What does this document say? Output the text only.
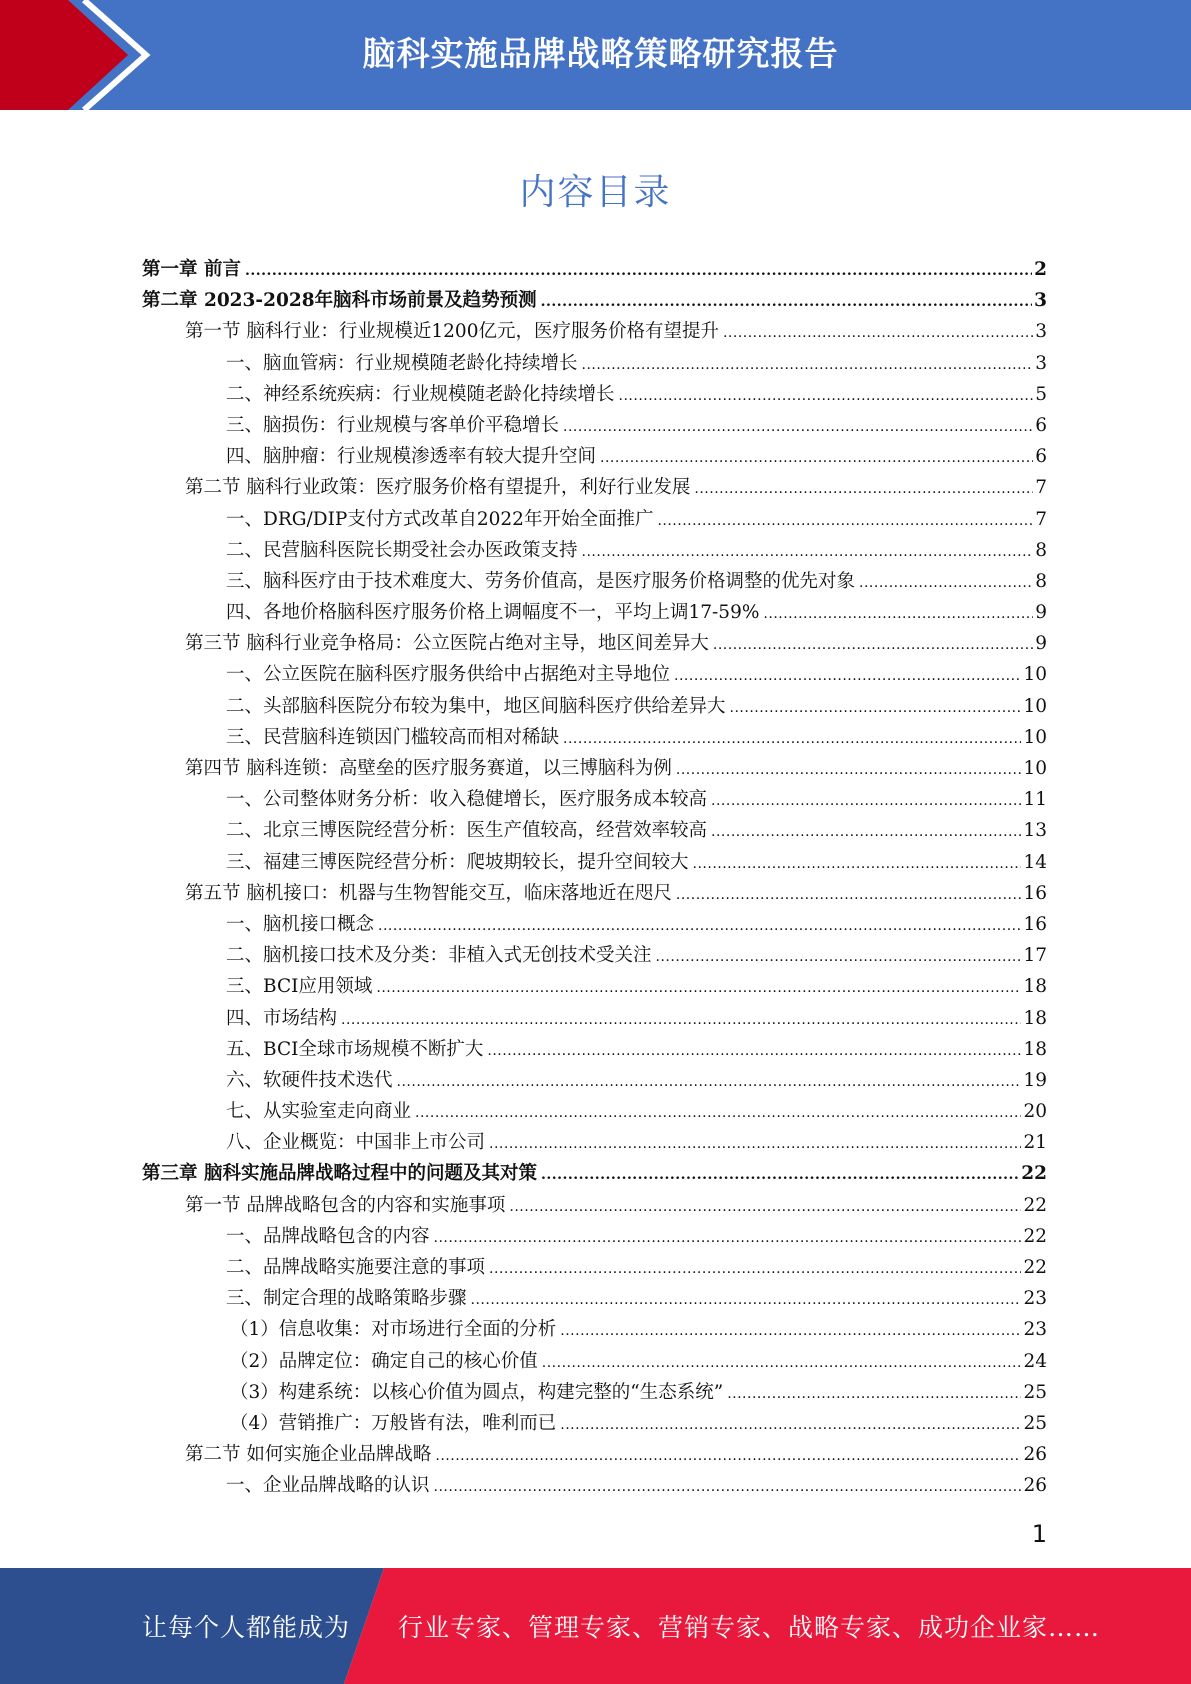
脑科实施品牌战略策略研究报告
内容目录
第一章 前言 .....	2
第二章 2023-2028年脑科市场前景及趋势预测 .....	3
第一节 脑科行业：行业规模近1200亿元，医疗服务价格有望提升 .....	3
一、脑血管病：行业规模随老龄化持续增长 .....	3
二、神经系统疾病：行业规模随老龄化持续增长 .....	5
三、脑损伤：行业规模与客单价平稳增长 .....	6
四、脑肿瘤：行业规模渗透率有较大提升空间 .....	6
第二节 脑科行业政策：医疗服务价格有望提升，利好行业发展 .....	7
一、DRG/DIP支付方式改革自2022年开始全面推广 .....	7
二、民营脑科医院长期受社会办医政策支持 .....	8
三、脑科医疗由于技术难度大、劳务价值高，是医疗服务价格调整的优先对象 .....	8
四、各地价格脑科医疗服务价格上调幅度不一，平均上调17-59% .....	9
第三节 脑科行业竞争格局：公立医院占绝对主导，地区间差异大 .....	9
一、公立医院在脑科医疗服务供给中占据绝对主导地位 .....	10
二、头部脑科医院分布较为集中，地区间脑科医疗供给差异大 .....	10
三、民营脑科连锁因门槛较高而相对稀缺 .....	10
第四节 脑科连锁：高壁垒的医疗服务赛道，以三博脑科为例 .....	10
一、公司整体财务分析：收入稳健增长，医疗服务成本较高 .....	11
二、北京三博医院经营分析：医生产值较高，经营效率较高 .....	13
三、福建三博医院经营分析：爬坡期较长，提升空间较大 .....	14
第五节 脑机接口：机器与生物智能交互，临床落地近在咫尺 .....	16
一、脑机接口概念 .....	16
二、脑机接口技术及分类：非植入式无创技术受关注 .....	17
三、BCI应用领域 .....	18
四、市场结构 .....	18
五、BCI全球市场规模不断扩大 .....	18
六、软硬件技术迭代 .....	19
七、从实验室走向商业 .....	20
八、企业概览：中国非上市公司 .....	21
第三章 脑科实施品牌战略过程中的问题及其对策 .....	22
第一节 品牌战略包含的内容和实施事项 .....	22
一、品牌战略包含的内容 .....	22
二、品牌战略实施要注意的事项 .....	22
三、制定合理的战略策略步骤 .....	23
（1）信息收集：对市场进行全面的分析 .....	23
（2）品牌定位：确定自己的核心价值 .....	24
（3）构建系统：以核心价值为圆点，构建完整的“生态系统” .....	25
（4）营销推广：万般皆有法，唯利而已 .....	25
第二节 如何实施企业品牌战略 .....	26
一、企业品牌战略的认识 .....	26
1
让每个人都能成为 行业专家、管理专家、营销专家、战略专家、成功企业家……
